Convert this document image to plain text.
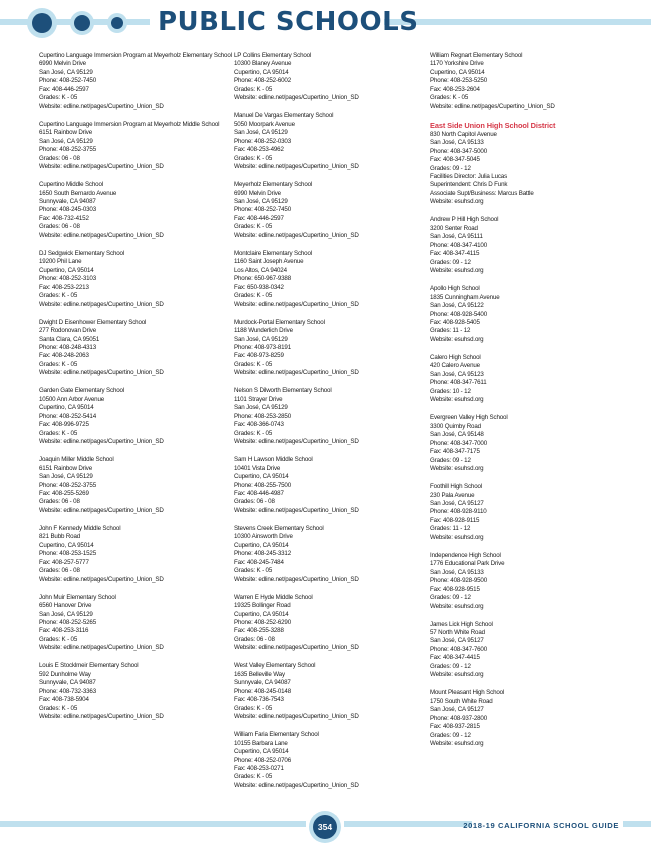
PUBLIC SCHOOLS
Cupertino Language Immersion Program at Meyerholz Elementary School
6990 Melvin Drive
San José, CA 95129
Phone: 408-252-7450
Fax: 408-446-2597
Grades: K - 05
Website: edline.net/pages/Cupertino_Union_SD
Cupertino Language Immersion Program at Meyerholz Middle School
6151 Rainbow Drive
San José, CA 95129
Phone: 408-252-3755
Grades: 06 - 08
Website: edline.net/pages/Cupertino_Union_SD
Cupertino Middle School
1650 South Bernardo Avenue
Sunnyvale, CA 94087
Phone: 408-245-0303
Fax: 408-732-4152
Grades: 06 - 08
Website: edline.net/pages/Cupertino_Union_SD
DJ Sedgwick Elementary School
19200 Phil Lane
Cupertino, CA 95014
Phone: 408-252-3103
Fax: 408-253-2213
Grades: K - 05
Website: edline.net/pages/Cupertino_Union_SD
Dwight D Eisenhower Elementary School
277 Rodonovan Drive
Santa Clara, CA 95051
Phone: 408-248-4313
Fax: 408-248-2063
Grades: K - 05
Website: edline.net/pages/Cupertino_Union_SD
Garden Gate Elementary School
10500 Ann Arbor Avenue
Cupertino, CA 95014
Phone: 408-252-5414
Fax: 408-996-9725
Grades: K - 05
Website: edline.net/pages/Cupertino_Union_SD
Joaquin Miller Middle School
6151 Rainbow Drive
San José, CA 95129
Phone: 408-252-3755
Fax: 408-255-5269
Grades: 06 - 08
Website: edline.net/pages/Cupertino_Union_SD
John F Kennedy Middle School
821 Bubb Road
Cupertino, CA 95014
Phone: 408-253-1525
Fax: 408-257-5777
Grades: 06 - 08
Website: edline.net/pages/Cupertino_Union_SD
John Muir Elementary School
6560 Hanover Drive
San José, CA 95129
Phone: 408-252-5265
Fax: 408-253-3116
Grades: K - 05
Website: edline.net/pages/Cupertino_Union_SD
Louis E Stocklmeir Elementary School
592 Dunholme Way
Sunnyvale, CA 94087
Phone: 408-732-3363
Fax: 408-738-5904
Grades: K - 05
Website: edline.net/pages/Cupertino_Union_SD
LP Collins Elementary School
10300 Blaney Avenue
Cupertino, CA 95014
Phone: 408-252-6002
Grades: K - 05
Website: edline.net/pages/Cupertino_Union_SD
Manuel De Vargas Elementary School
5050 Moorpark Avenue
San José, CA 95129
Phone: 408-252-0303
Fax: 408-253-4962
Grades: K - 05
Website: edline.net/pages/Cupertino_Union_SD
Meyerholz Elementary School
6990 Melvin Drive
San José, CA 95129
Phone: 408-252-7450
Fax: 408-446-2597
Grades: K - 05
Website: edline.net/pages/Cupertino_Union_SD
Montclaire Elementary School
1160 Saint Joseph Avenue
Los Altos, CA 94024
Phone: 650-967-9388
Fax: 650-938-0342
Grades: K - 05
Website: edline.net/pages/Cupertino_Union_SD
Murdock-Portal Elementary School
1188 Wunderlich Drive
San José, CA 95129
Phone: 408-973-8191
Fax: 408-973-8259
Grades: K - 05
Website: edline.net/pages/Cupertino_Union_SD
Nelson S Dilworth Elementary School
1101 Strayer Drive
San José, CA 95129
Phone: 408-253-2850
Fax: 408-366-0743
Grades: K - 05
Website: edline.net/pages/Cupertino_Union_SD
Sam H Lawson Middle School
10401 Vista Drive
Cupertino, CA 95014
Phone: 408-255-7500
Fax: 408-446-4987
Grades: 06 - 08
Website: edline.net/pages/Cupertino_Union_SD
Stevens Creek Elementary School
10300 Ainsworth Drive
Cupertino, CA 95014
Phone: 408-245-3312
Fax: 408-245-7484
Grades: K - 05
Website: edline.net/pages/Cupertino_Union_SD
Warren E Hyde Middle School
19325 Bollinger Road
Cupertino, CA 95014
Phone: 408-252-6290
Fax: 408-255-3288
Grades: 06 - 08
Website: edline.net/pages/Cupertino_Union_SD
West Valley Elementary School
1635 Belleville Way
Sunnyvale, CA 94087
Phone: 408-245-0148
Fax: 408-736-7543
Grades: K - 05
Website: edline.net/pages/Cupertino_Union_SD
William Faria Elementary School
10155 Barbara Lane
Cupertino, CA 95014
Phone: 408-252-0706
Fax: 408-253-0271
Grades: K - 05
Website: edline.net/pages/Cupertino_Union_SD
William Regnart Elementary School
1170 Yorkshire Drive
Cupertino, CA 95014
Phone: 408-253-5250
Fax: 408-253-2604
Grades: K - 05
Website: edline.net/pages/Cupertino_Union_SD
East Side Union High School District
830 North Capitol Avenue
San José, CA 95133
Phone: 408-347-5000
Fax: 408-347-5045
Grades: 09 - 12
Facilities Director: Julia Lucas
Superintendent: Chris D Funk
Associate Supt/Business: Marcus Battle
Website: esuhsd.org
Andrew P Hill High School
3200 Senter Road
San José, CA 95111
Phone: 408-347-4100
Fax: 408-347-4115
Grades: 09 - 12
Website: esuhsd.org
Apollo High School
1835 Cunningham Avenue
San José, CA 95122
Phone: 408-928-5400
Fax: 408-928-5405
Grades: 11 - 12
Website: esuhsd.org
Calero High School
420 Calero Avenue
San José, CA 95123
Phone: 408-347-7611
Grades: 10 - 12
Website: esuhsd.org
Evergreen Valley High School
3300 Quimby Road
San José, CA 95148
Phone: 408-347-7000
Fax: 408-347-7175
Grades: 09 - 12
Website: esuhsd.org
Foothill High School
230 Pala Avenue
San José, CA 95127
Phone: 408-928-9110
Fax: 408-928-9115
Grades: 11 - 12
Website: esuhsd.org
Independence High School
1776 Educational Park Drive
San José, CA 95133
Phone: 408-928-9500
Fax: 408-928-9515
Grades: 09 - 12
Website: esuhsd.org
James Lick High School
57 North White Road
San José, CA 95127
Phone: 408-347-7600
Fax: 408-347-4415
Grades: 09 - 12
Website: esuhsd.org
Mount Pleasant High School
1750 South White Road
San José, CA 95127
Phone: 408-937-2800
Fax: 408-937-2815
Grades: 09 - 12
Website: esuhsd.org
354	2018-19 CALIFORNIA SCHOOL GUIDE
